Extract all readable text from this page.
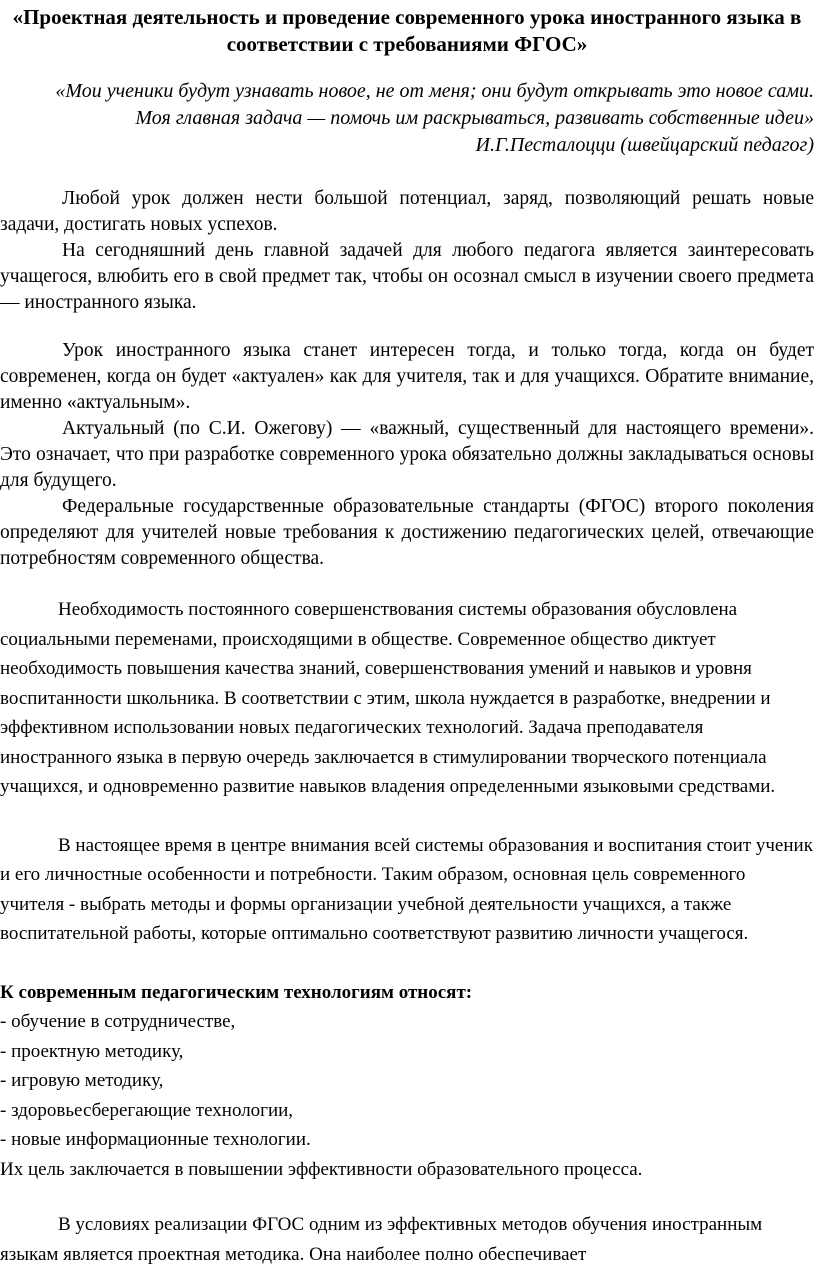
«Проектная деятельность и проведение современного урока иностранного языка в соответствии с требованиями ФГОС»
«Мои ученики будут узнавать новое, не от меня; они будут открывать это новое сами.
Моя главная задача — помочь им раскрываться, развивать собственные идеи»
И.Г.Песталоцци (швейцарский педагог)

Любой урок должен нести большой потенциал, заряд, позволяющий решать новые задачи, достигать новых успехов.

На сегодняшний день главной задачей для любого педагога является заинтересовать учащегося, влюбить его в свой предмет так, чтобы он осознал смысл в изучении своего предмета — иностранного языка.

Урок иностранного языка станет интересен тогда, и только тогда, когда он будет современен, когда он будет «актуален» как для учителя, так и для учащихся. Обратите внимание, именно «актуальным».

Актуальный (по С.И. Ожегову) — «важный, существенный для настоящего времени». Это означает, что при разработке современного урока обязательно должны закладываться основы для будущего.

Федеральные государственные образовательные стандарты (ФГОС) второго поколения определяют для учителей новые требования к достижению педагогических целей, отвечающие потребностям современного общества.

Необходимость постоянного совершенствования системы образования обусловлена социальными переменами, происходящими в обществе. Современное общество диктует необходимость повышения качества знаний, совершенствования умений и навыков и уровня воспитанности школьника. В соответствии с этим, школа нуждается в разработке, внедрении и эффективном использовании новых педагогических технологий. Задача преподавателя иностранного языка в первую очередь заключается в стимулировании творческого потенциала учащихся, и одновременно развитие навыков владения определенными языковыми средствами.

В настоящее время в центре внимания всей системы образования и воспитания стоит ученик и его личностные особенности и потребности. Таким образом, основная цель современного учителя - выбрать методы и формы организации учебной деятельности учащихся, а также воспитательной работы, которые оптимально соответствуют развитию личности учащегося.

К современным педагогическим технологиям относят:

- обучение в сотрудничестве,

- проектную методику,

- игровую методику,

- здоровьесберегающие технологии,

- новые информационные технологии.

Их цель заключается в повышении эффективности образовательного процесса.

В условиях реализации ФГОС одним из эффективных методов обучения иностранным языкам является проектная методика. Она наиболее полно обеспечивает
